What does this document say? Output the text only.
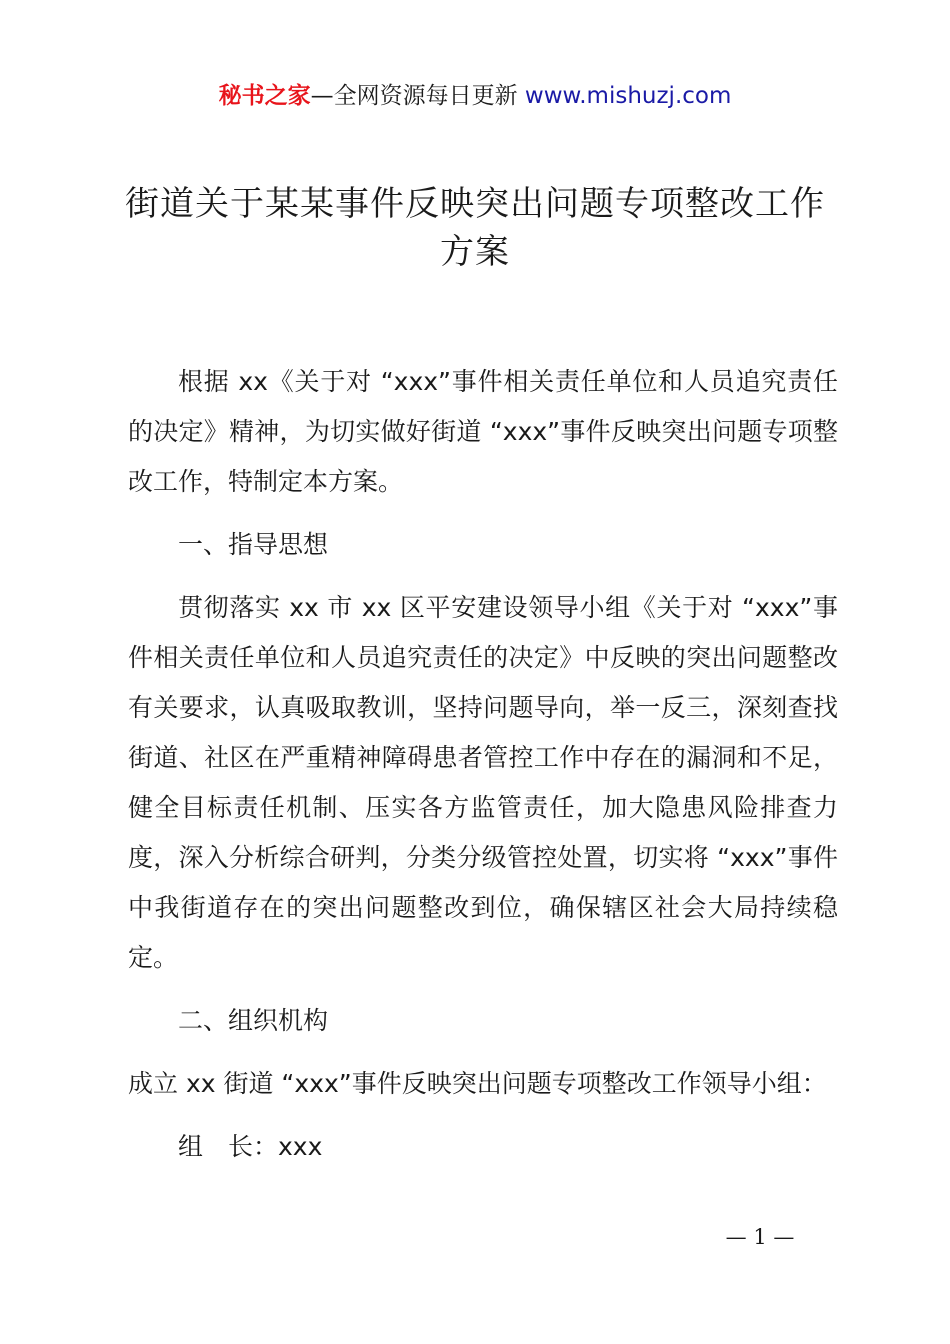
秘书之家—全网资源每日更新 www.mishuzj.com
街道关于某某事件反映突出问题专项整改工作
方案

根据 xx《关于对 “xxx”事件相关责任单位和人员追究责任的决定》精神，为切实做好街道 “xxx”事件反映突出问题专项整改工作，特制定本方案。

一、指导思想

贯彻落实 xx 市 xx 区平安建设领导小组《关于对 “xxx”事件相关责任单位和人员追究责任的决定》中反映的突出问题整改有关要求，认真吸取教训，坚持问题导向，举一反三，深刻查找街道、社区在严重精神障碍患者管控工作中存在的漏洞和不足，健全目标责任机制、压实各方监管责任，加大隐患风险排查力度，深入分析综合研判，分类分级管控处置，切实将 “xxx”事件中我街道存在的突出问题整改到位，确保辖区社会大局持续稳定。

二、组织机构

成立 xx 街道 “xxx”事件反映突出问题专项整改工作领导小组：

组　长：xxx

— 1 —
